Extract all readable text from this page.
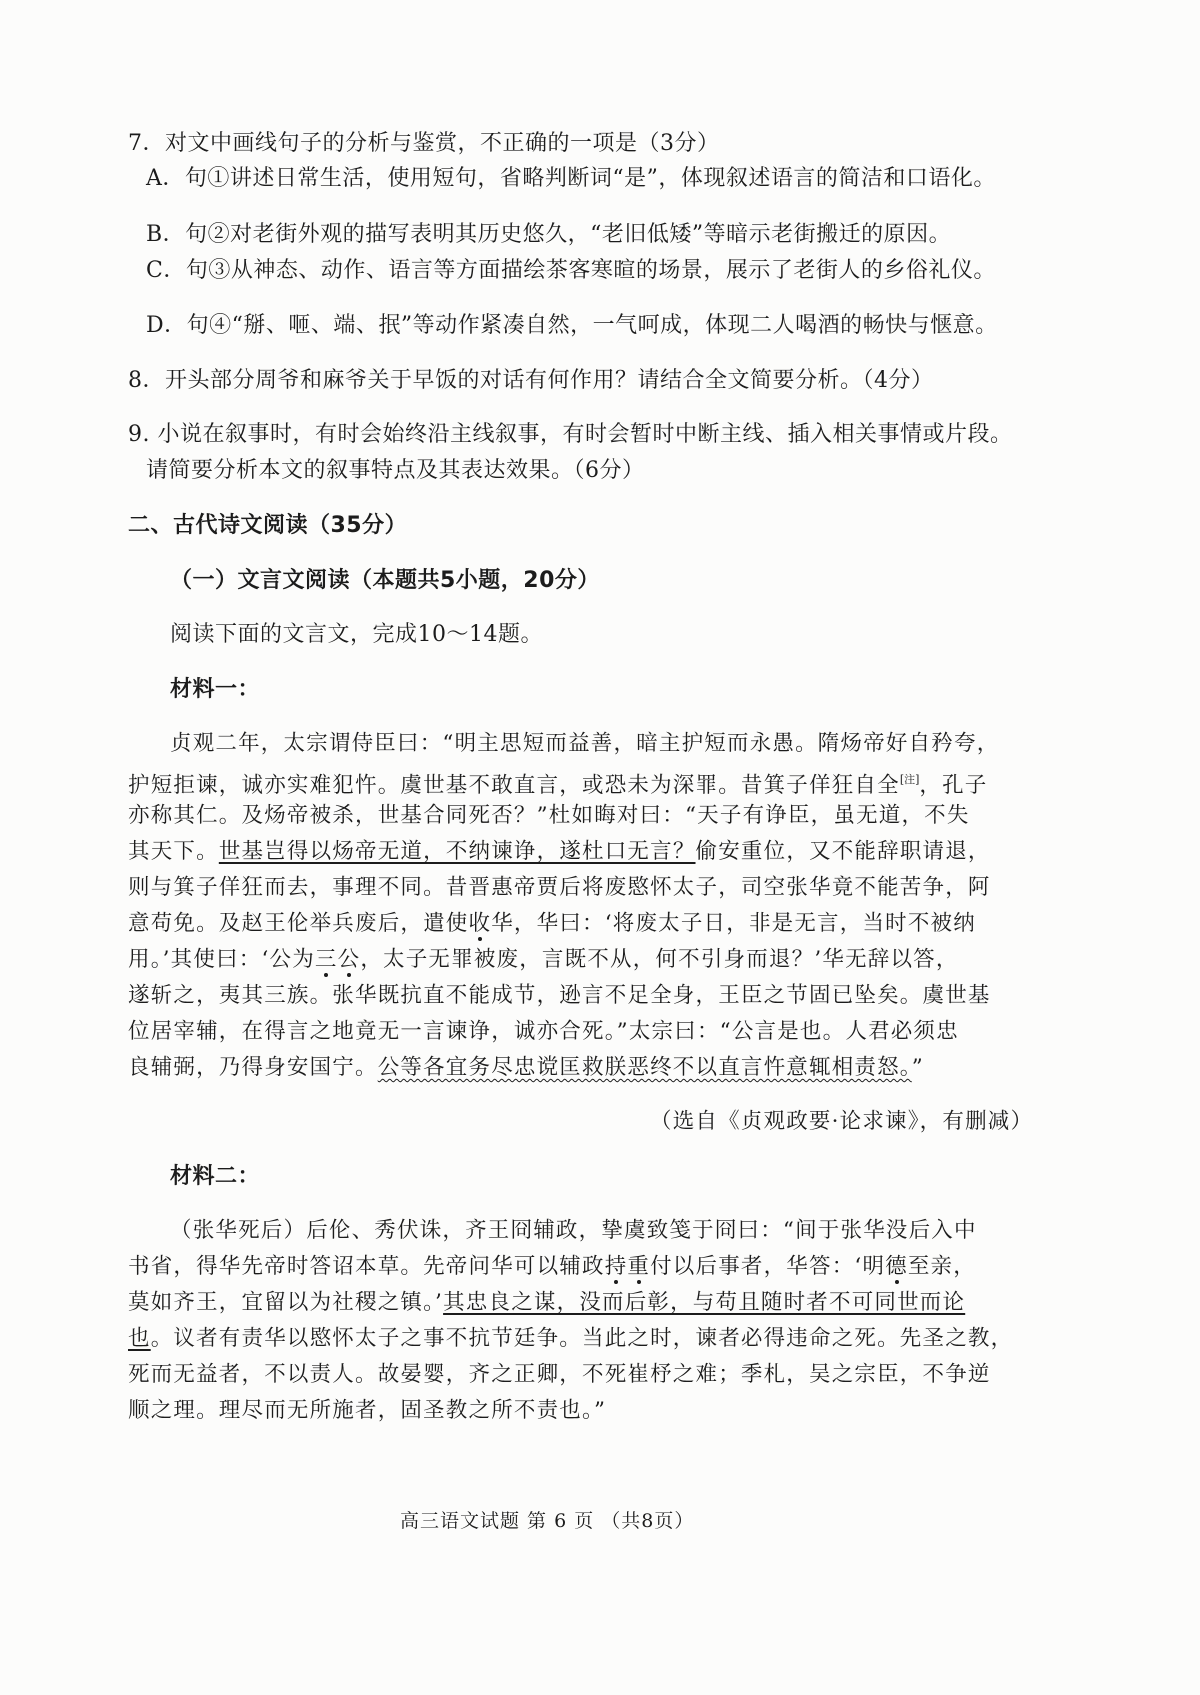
7．对文中画线句子的分析与鉴赏，不正确的一项是（3分）
A．句①讲述日常生活，使用短句，省略判断词“是”，体现叙述语言的简洁和口语化。
B．句②对老街外观的描写表明其历史悠久，“老旧低矮”等暗示老街搬迁的原因。
C．句③从神态、动作、语言等方面描绘茶客寒暄的场景，展示了老街人的乡俗礼仪。
D．句④“掰、咂、端、抿”等动作紧凑自然，一气呵成，体现二人喝酒的畅快与惬意。
8．开头部分周爷和麻爷关于早饭的对话有何作用？请结合全文简要分析。（4分）
9. 小说在叙事时，有时会始终沿主线叙事，有时会暂时中断主线、插入相关事情或片段。
请简要分析本文的叙事特点及其表达效果。（6分）
二、古代诗文阅读（35分）
（一）文言文阅读（本题共5小题，20分）
阅读下面的文言文，完成10～14题。
材料一：
贞观二年，太宗谓侍臣曰：“明主思短而益善，暗主护短而永愚。隋炀帝好自矜夸，
护短拒谏，诚亦实难犯忤。虞世基不敢直言，或恐未为深罪。昔箕子佯狂自全[注]，孔子
亦称其仁。及炀帝被杀，世基合同死否？”杜如晦对曰：“天子有诤臣，虽无道，不失
其天下。世基岂得以炀帝无道，不纳谏诤，遂杜口无言？偷安重位，又不能辞职请退，
则与箕子佯狂而去，事理不同。昔晋惠帝贾后将废愍怀太子，司空张华竟不能苦争，阿
意苟免。及赵王伦举兵废后，遣使收华，华曰：‘将废太子日，非是无言，当时不被纳
用。’其使曰：‘公为三公，太子无罪被废，言既不从，何不引身而退？’华无辞以答，
遂斩之，夷其三族。张华既抗直不能成节，逊言不足全身，王臣之节固已坠矣。虞世基
位居宰辅，在得言之地竟无一言谏诤，诚亦合死。”太宗曰：“公言是也。人君必须忠
良辅弼，乃得身安国宁。公等各宜务尽忠谠匡救朕恶终不以直言忤意辄相责怒。”
（选自《贞观政要·论求谏》，有删减）
材料二：
（张华死后）后伦、秀伏诛，齐王冏辅政，挚虞致笺于冏曰：“间于张华没后入中
书省，得华先帝时答诏本草。先帝问华可以辅政持重付以后事者，华答：‘明德至亲，
莫如齐王，宜留以为社稷之镇。’其忠良之谋，没而后彰，与苟且随时者不可同世而论
也。议者有责华以愍怀太子之事不抗节廷争。当此之时，谏者必得违命之死。先圣之教，
死而无益者，不以责人。故晏婴，齐之正卿，不死崔杼之难；季札，吴之宗臣，不争逆
顺之理。理尽而无所施者，固圣教之所不责也。”
高三语文试题 第 6 页 （共8页）
